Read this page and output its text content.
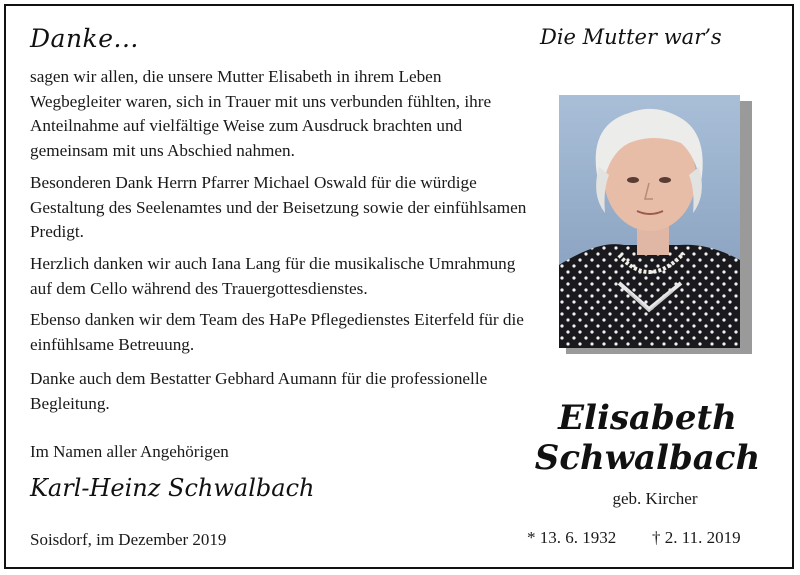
Danke...	Die Mutter war’s

sagen wir allen, die unsere Mutter Elisabeth in ihrem Leben Wegbegleiter waren, sich in Trauer mit uns verbunden fühlten, ihre Anteilnahme auf vielfältige Weise zum Ausdruck brachten und gemeinsam mit uns Abschied nahmen.

Besonderen Dank Herrn Pfarrer Michael Oswald für die würdige Gestaltung des Seelenamtes und der Beisetzung sowie der einfühlsamen Predigt.

Herzlich danken wir auch Iana Lang für die musikalische Umrahmung auf dem Cello während des Trauergottesdienstes.

Ebenso danken wir dem Team des HaPe Pflegedienstes Eiterfeld für die einfühlsame Betreuung.

Danke auch dem Bestatter Gebhard Aumann für die professionelle Begleitung.

Im Namen aller Angehörigen
Karl-Heinz Schwalbach
Soisdorf, im Dezember 2019
Elisabeth
Schwalbach
geb. Kircher
* 13. 6. 1932 † 2. 11. 2019
